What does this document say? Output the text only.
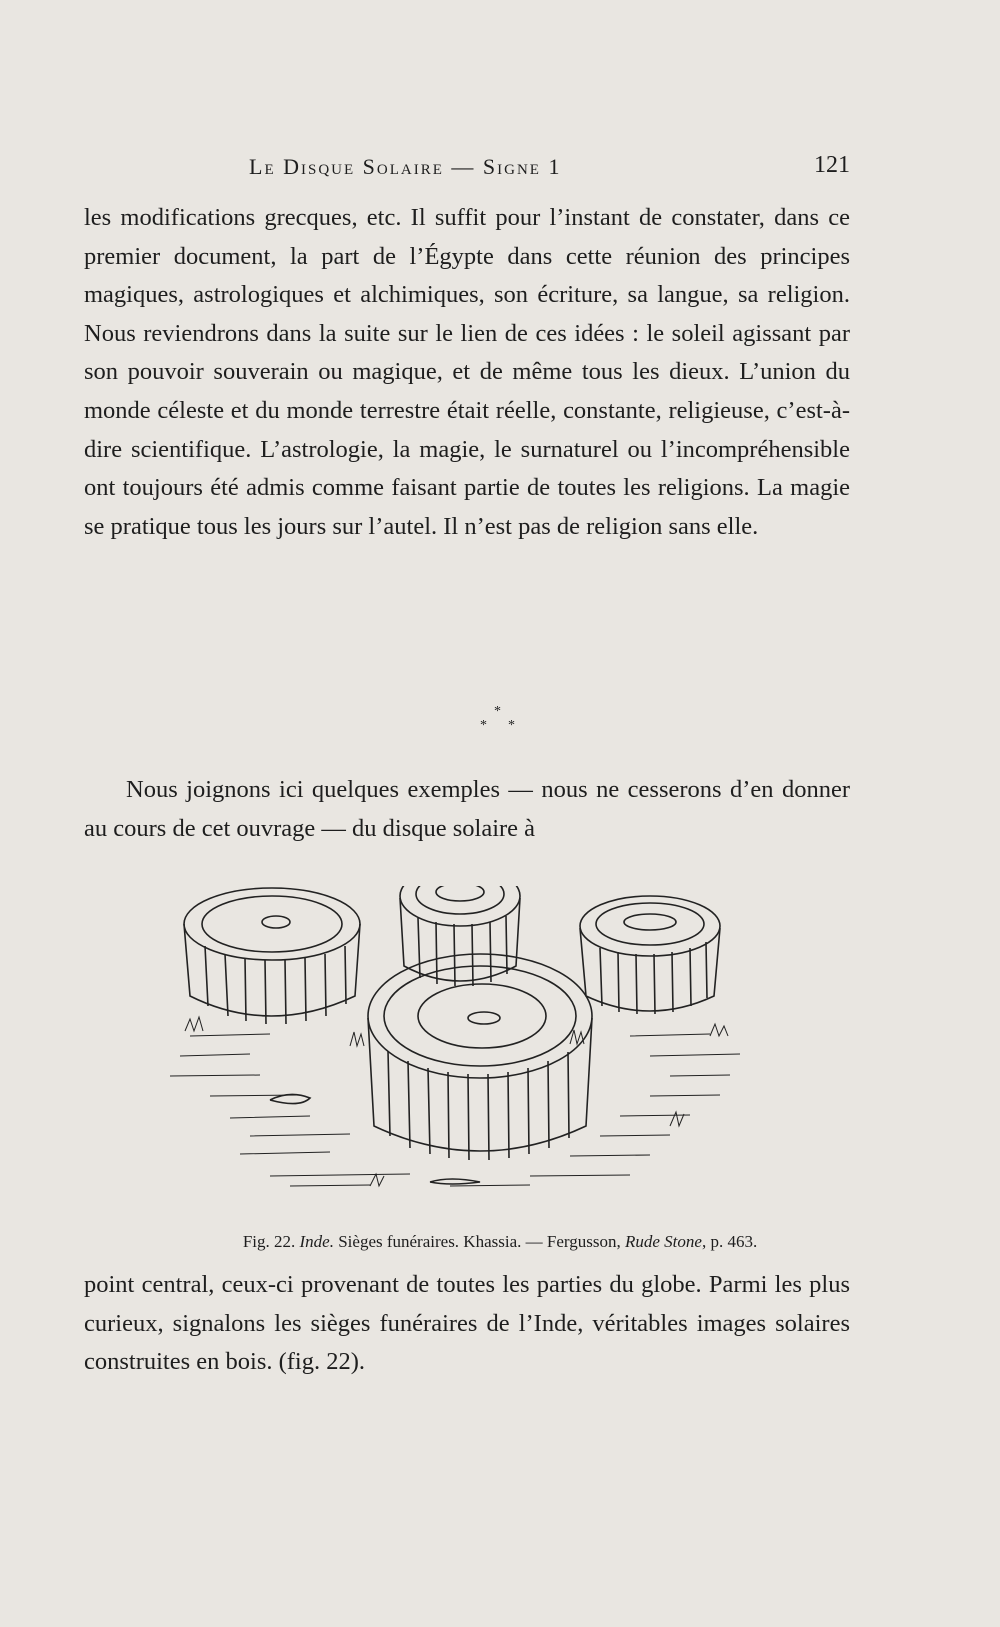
Le Disque Solaire — Signe 1	121

les modifications grecques, etc. Il suffit pour l’instant de constater, dans ce premier document, la part de l’Égypte dans cette réunion des principes magiques, astrologiques et alchimiques, son écriture, sa langue, sa religion. Nous reviendrons dans la suite sur le lien de ces idées : le soleil agissant par son pouvoir souverain ou magique, et de même tous les dieux. L’union du monde céleste et du monde terrestre était réelle, constante, religieuse, c’est-à-dire scientifique. L’astrologie, la magie, le surnaturel ou l’incompréhensible ont toujours été admis comme faisant partie de toutes les religions. La magie se pratique tous les jours sur l’autel. Il n’est pas de religion sans elle.

*
* *

Nous joignons ici quelques exemples — nous ne cesserons d’en donner au cours de cet ouvrage — du disque solaire à

Fig. 22. Inde. Sièges funéraires. Khassia. — Fergusson, Rude Stone, p. 463.

point central, ceux-ci provenant de toutes les parties du globe. Parmi les plus curieux, signalons les sièges funéraires de l’Inde, véritables images solaires construites en bois. (fig. 22).
